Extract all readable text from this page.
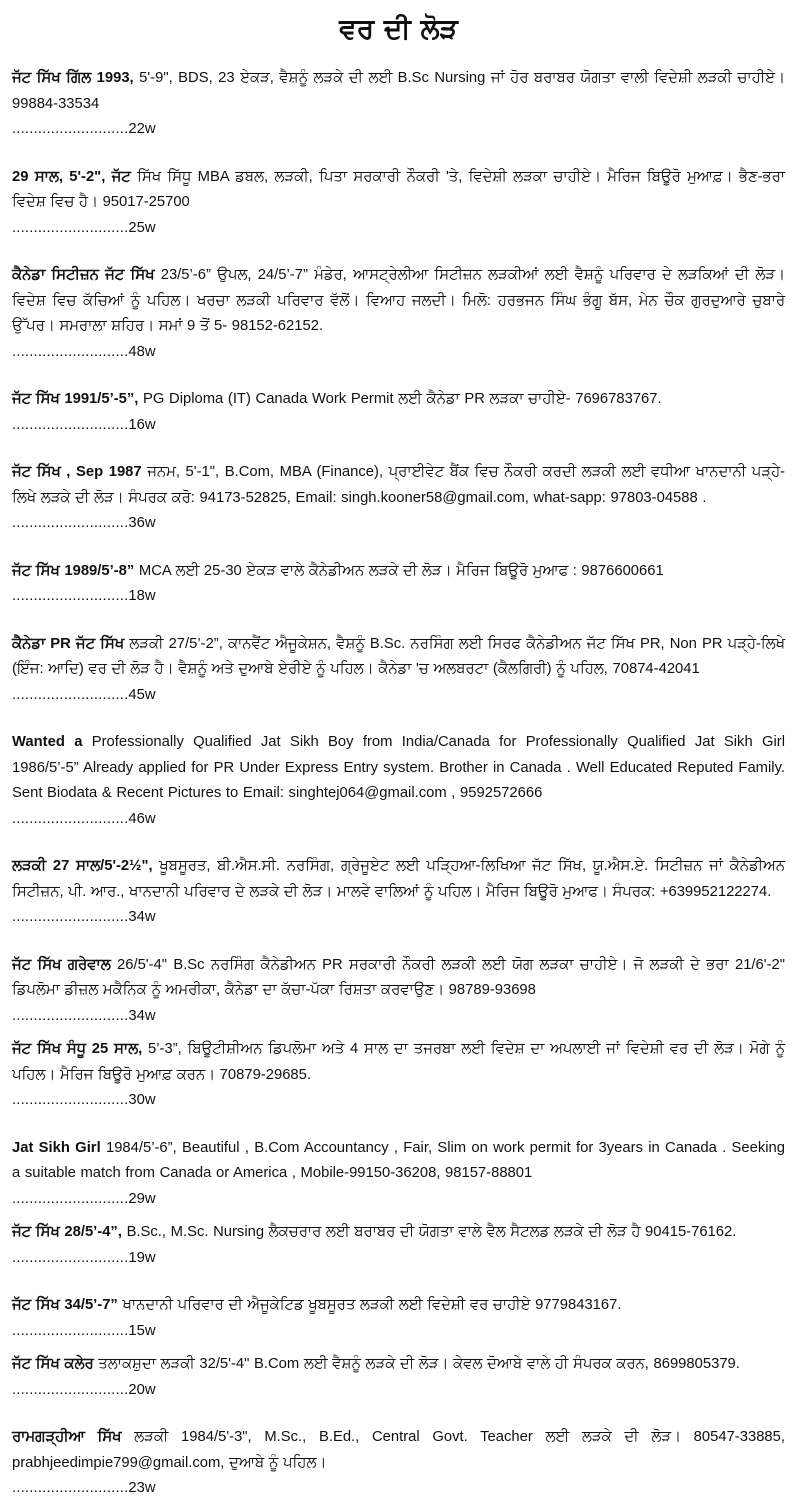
ਵਰ ਦੀ ਲੋੜ
ਜੱਟ ਸਿੱਖ ਗਿੱਲ 1993, 5'-9", BDS, 23 ਏਕੜ, ਵੈਸ਼ਨੂੰ ਲੜਕੇ ਦੀ ਲਈ B.Sc Nursing ਜਾਂ ਹੋਰ ਬਰਾਬਰ ਯੋਗਤਾ ਵਾਲੀ ਵਿਦੇਸ਼ੀ ਲੜਕੀ ਚਾਹੀਏ। 99884-33534
...........................22w
29 ਸਾਲ, 5'-2", ਜੱਟ ਸਿੱਖ ਸਿੱਧੂ MBA ਡਬਲ, ਲੜਕੀ, ਪਿਤਾ ਸਰਕਾਰੀ ਨੌਕਰੀ 'ਤੇ, ਵਿਦੇਸ਼ੀ ਲੜਕਾ ਚਾਹੀਏ। ਮੈਰਿਜ ਬਿਊਰੋ ਮੁਆਫ਼। ਭੈਣ-ਭਰਾ ਵਿਦੇਸ਼ ਵਿਚ ਹੈ। 95017-25700
...........................25w
ਕੈਨੇਡਾ ਸਿਟੀਜ਼ਨ ਜੱਟ ਸਿੱਖ 23/5’-6” ਉਪਲ, 24/5’-7” ਮੰਡੇਰ, ਆਸਟ੍ਰੇਲੀਆ ਸਿਟੀਜ਼ਨ ਲੜਕੀਆਂ ਲਈ ਵੈਸ਼ਨੂੰ ਪਰਿਵਾਰ ਦੇ ਲੜਕਿਆਂ ਦੀ ਲੋੜ। ਵਿਦੇਸ਼ ਵਿਚ ਕੱਚਿਆਂ ਨੂੰ ਪਹਿਲ। ਖਰਚਾ ਲੜਕੀ ਪਰਿਵਾਰ ਵੱਲੋਂ। ਵਿਆਹ ਜਲਦੀ। ਮਿਲੋ: ਹਰਭਜਨ ਸਿੰਘ ਭੰਗੂ ਬੱਸ, ਮੇਨ ਚੌਕ ਗੁਰਦੁਆਰੇ ਚੁਬਾਰੇ ਉੱਪਰ। ਸਮਰਾਲਾ ਸ਼ਹਿਰ। ਸਮਾਂ 9 ਤੋਂ 5- 98152-62152.
...........................48w
ਜੱਟ ਸਿੱਖ 1991/5’-5”, PG Diploma (IT) Canada Work Permit ਲਈ ਕੈਨੇਡਾ PR ਲੜਕਾ ਚਾਹੀਏ- 7696783767.
...........................16w
ਜੱਟ ਸਿੱਖ , Sep 1987 ਜਨਮ, 5'-1", B.Com, MBA (Finance), ਪ੍ਰਾਈਵੇਟ ਬੈਂਕ ਵਿਚ ਨੌਕਰੀ ਕਰਦੀ ਲੜਕੀ ਲਈ ਵਧੀਆ ਖਾਨਦਾਨੀ ਪੜ੍ਹੇ-ਲਿਖੇ ਲੜਕੇ ਦੀ ਲੋੜ। ਸੰਪਰਕ ਕਰੋ: 94173-52825, Email: singh.kooner58@gmail.com, what-sapp: 97803-04588 .
...........................36w
ਜੱਟ ਸਿੱਖ 1989/5’-8” MCA ਲਈ 25-30 ਏਕੜ ਵਾਲੇ ਕੈਨੇਡੀਅਨ ਲੜਕੇ ਦੀ ਲੋੜ। ਮੈਰਿਜ ਬਿਊਰੋ ਮੁਆਫ : 9876600661
...........................18w
ਕੈਨੇਡਾ PR ਜੱਟ ਸਿੱਖ ਲੜਕੀ 27/5’-2”, ਕਾਨਵੈਂਟ ਐਜੂਕੇਸ਼ਨ, ਵੈਸ਼ਨੂੰ B.Sc. ਨਰਸਿੰਗ ਲਈ ਸਿਰਫ ਕੈਨੇਡੀਅਨ ਜੱਟ ਸਿੱਖ PR, Non PR ਪੜ੍ਹੇ-ਲਿਖੇ (ਇੰਜ: ਆਦਿ) ਵਰ ਦੀ ਲੋੜ ਹੈ। ਵੈਸ਼ਨੂੰ ਅਤੇ ਦੁਆਬੇ ਏਰੀਏ ਨੂੰ ਪਹਿਲ। ਕੈਨੇਡਾ 'ਚ ਅਲਬਰਟਾ (ਕੈਲਗਿਰੀ) ਨੂੰ ਪਹਿਲ, 70874-42041
...........................45w
Wanted a Professionally Qualified Jat Sikh Boy from India/Canada for Professionally Qualified Jat Sikh Girl 1986/5’-5” Already applied for PR Under Express Entry system. Brother in Canada . Well Educated Reputed Family. Sent Biodata & Recent Pictures to Email: singhtej064@gmail.com , 9592572666
...........................46w
ਲੜਕੀ 27 ਸਾਲ/5'-2½", ਖੂਬਸੂਰਤ, ਬੀ.ਐਸ.ਸੀ. ਨਰਸਿੰਗ, ਗ੍ਰੇਜੂਏਟ ਲਈ ਪੜ੍ਹਿਆ-ਲਿਖਿਆ ਜੱਟ ਸਿੱਖ, ਯੂ.ਐਸ.ਏ. ਸਿਟੀਜ਼ਨ ਜਾਂ ਕੈਨੇਡੀਅਨ ਸਿਟੀਜ਼ਨ, ਪੀ. ਆਰ., ਖਾਨਦਾਨੀ ਪਰਿਵਾਰ ਦੇ ਲੜਕੇ ਦੀ ਲੋੜ। ਮਾਲਵੇ ਵਾਲਿਆਂ ਨੂੰ ਪਹਿਲ। ਮੈਰਿਜ ਬਿਊਰੋ ਮੁਆਫ। ਸੰਪਰਕ: +639952122274.
...........................34w
ਜੱਟ ਸਿੱਖ ਗਰੇਵਾਲ 26/5'-4" B.Sc ਨਰਸਿੰਗ ਕੈਨੇਡੀਅਨ PR ਸਰਕਾਰੀ ਨੌਕਰੀ ਲੜਕੀ ਲਈ ਯੋਗ ਲੜਕਾ ਚਾਹੀਏ। ਜੋ ਲੜਕੀ ਦੇ ਭਰਾ 21/6'-2" ਡਿਪਲੋਮਾ ਡੀਜ਼ਲ ਮਕੈਨਿਕ ਨੂੰ ਅਮਰੀਕਾ, ਕੈਨੇਡਾ ਦਾ ਕੱਚਾ-ਪੱਕਾ ਰਿਸ਼ਤਾ ਕਰਵਾਉਣ। 98789-93698
...........................34w
ਜੱਟ ਸਿੱਖ ਸੰਧੂ 25 ਸਾਲ, 5’-3”, ਬਿਊਟੀਸ਼ੀਅਨ ਡਿਪਲੋਮਾ ਅਤੇ 4 ਸਾਲ ਦਾ ਤਜਰਬਾ ਲਈ ਵਿਦੇਸ਼ ਦਾ ਅਪਲਾਈ ਜਾਂ ਵਿਦੇਸ਼ੀ ਵਰ ਦੀ ਲੋੜ। ਮੋਗੇ ਨੂੰ ਪਹਿਲ। ਮੈਰਿਜ ਬਿਊਰੋ ਮੁਆਫ਼ ਕਰਨ। 70879-29685.
...........................30w
Jat Sikh Girl 1984/5’-6”, Beautiful , B.Com Accountancy , Fair, Slim on work permit for 3years in Canada . Seeking a suitable match from Canada or America , Mobile-99150-36208, 98157-88801
...........................29w
ਜੱਟ ਸਿੱਖ 28/5’-4”, B.Sc., M.Sc. Nursing ਲੈਕਚਰਾਰ ਲਈ ਬਰਾਬਰ ਦੀ ਯੋਗਤਾ ਵਾਲੇ ਵੈਲ ਸੈਟਲਡ ਲੜਕੇ ਦੀ ਲੋੜ ਹੈ 90415-76162.
...........................19w
ਜੱਟ ਸਿੱਖ 34/5’-7” ਖਾਨਦਾਨੀ ਪਰਿਵਾਰ ਦੀ ਐਜੂਕੇਟਿਡ ਖੂਬਸੂਰਤ ਲੜਕੀ ਲਈ ਵਿਦੇਸ਼ੀ ਵਰ ਚਾਹੀਏ 9779843167.
...........................15w
ਜੱਟ ਸਿੱਖ ਕਲੇਰ ਤਲਾਕਸ਼ੁਦਾ ਲੜਕੀ 32/5'-4" B.Com ਲਈ ਵੈਸ਼ਨੂੰ ਲੜਕੇ ਦੀ ਲੋੜ। ਕੇਵਲ ਦੋਆਬੇ ਵਾਲੇ ਹੀ ਸੰਪਰਕ ਕਰਨ, 8699805379.
...........................20w
ਰਾਮਗੜ੍ਹੀਆ ਸਿੱਖ ਲੜਕੀ 1984/5'-3", M.Sc., B.Ed., Central Govt. Teacher ਲਈ ਲੜਕੇ ਦੀ ਲੋੜ। 80547-33885, prabhjeedimpie799@gmail.com, ਦੁਆਬੇ ਨੂੰ ਪਹਿਲ।
...........................23w
